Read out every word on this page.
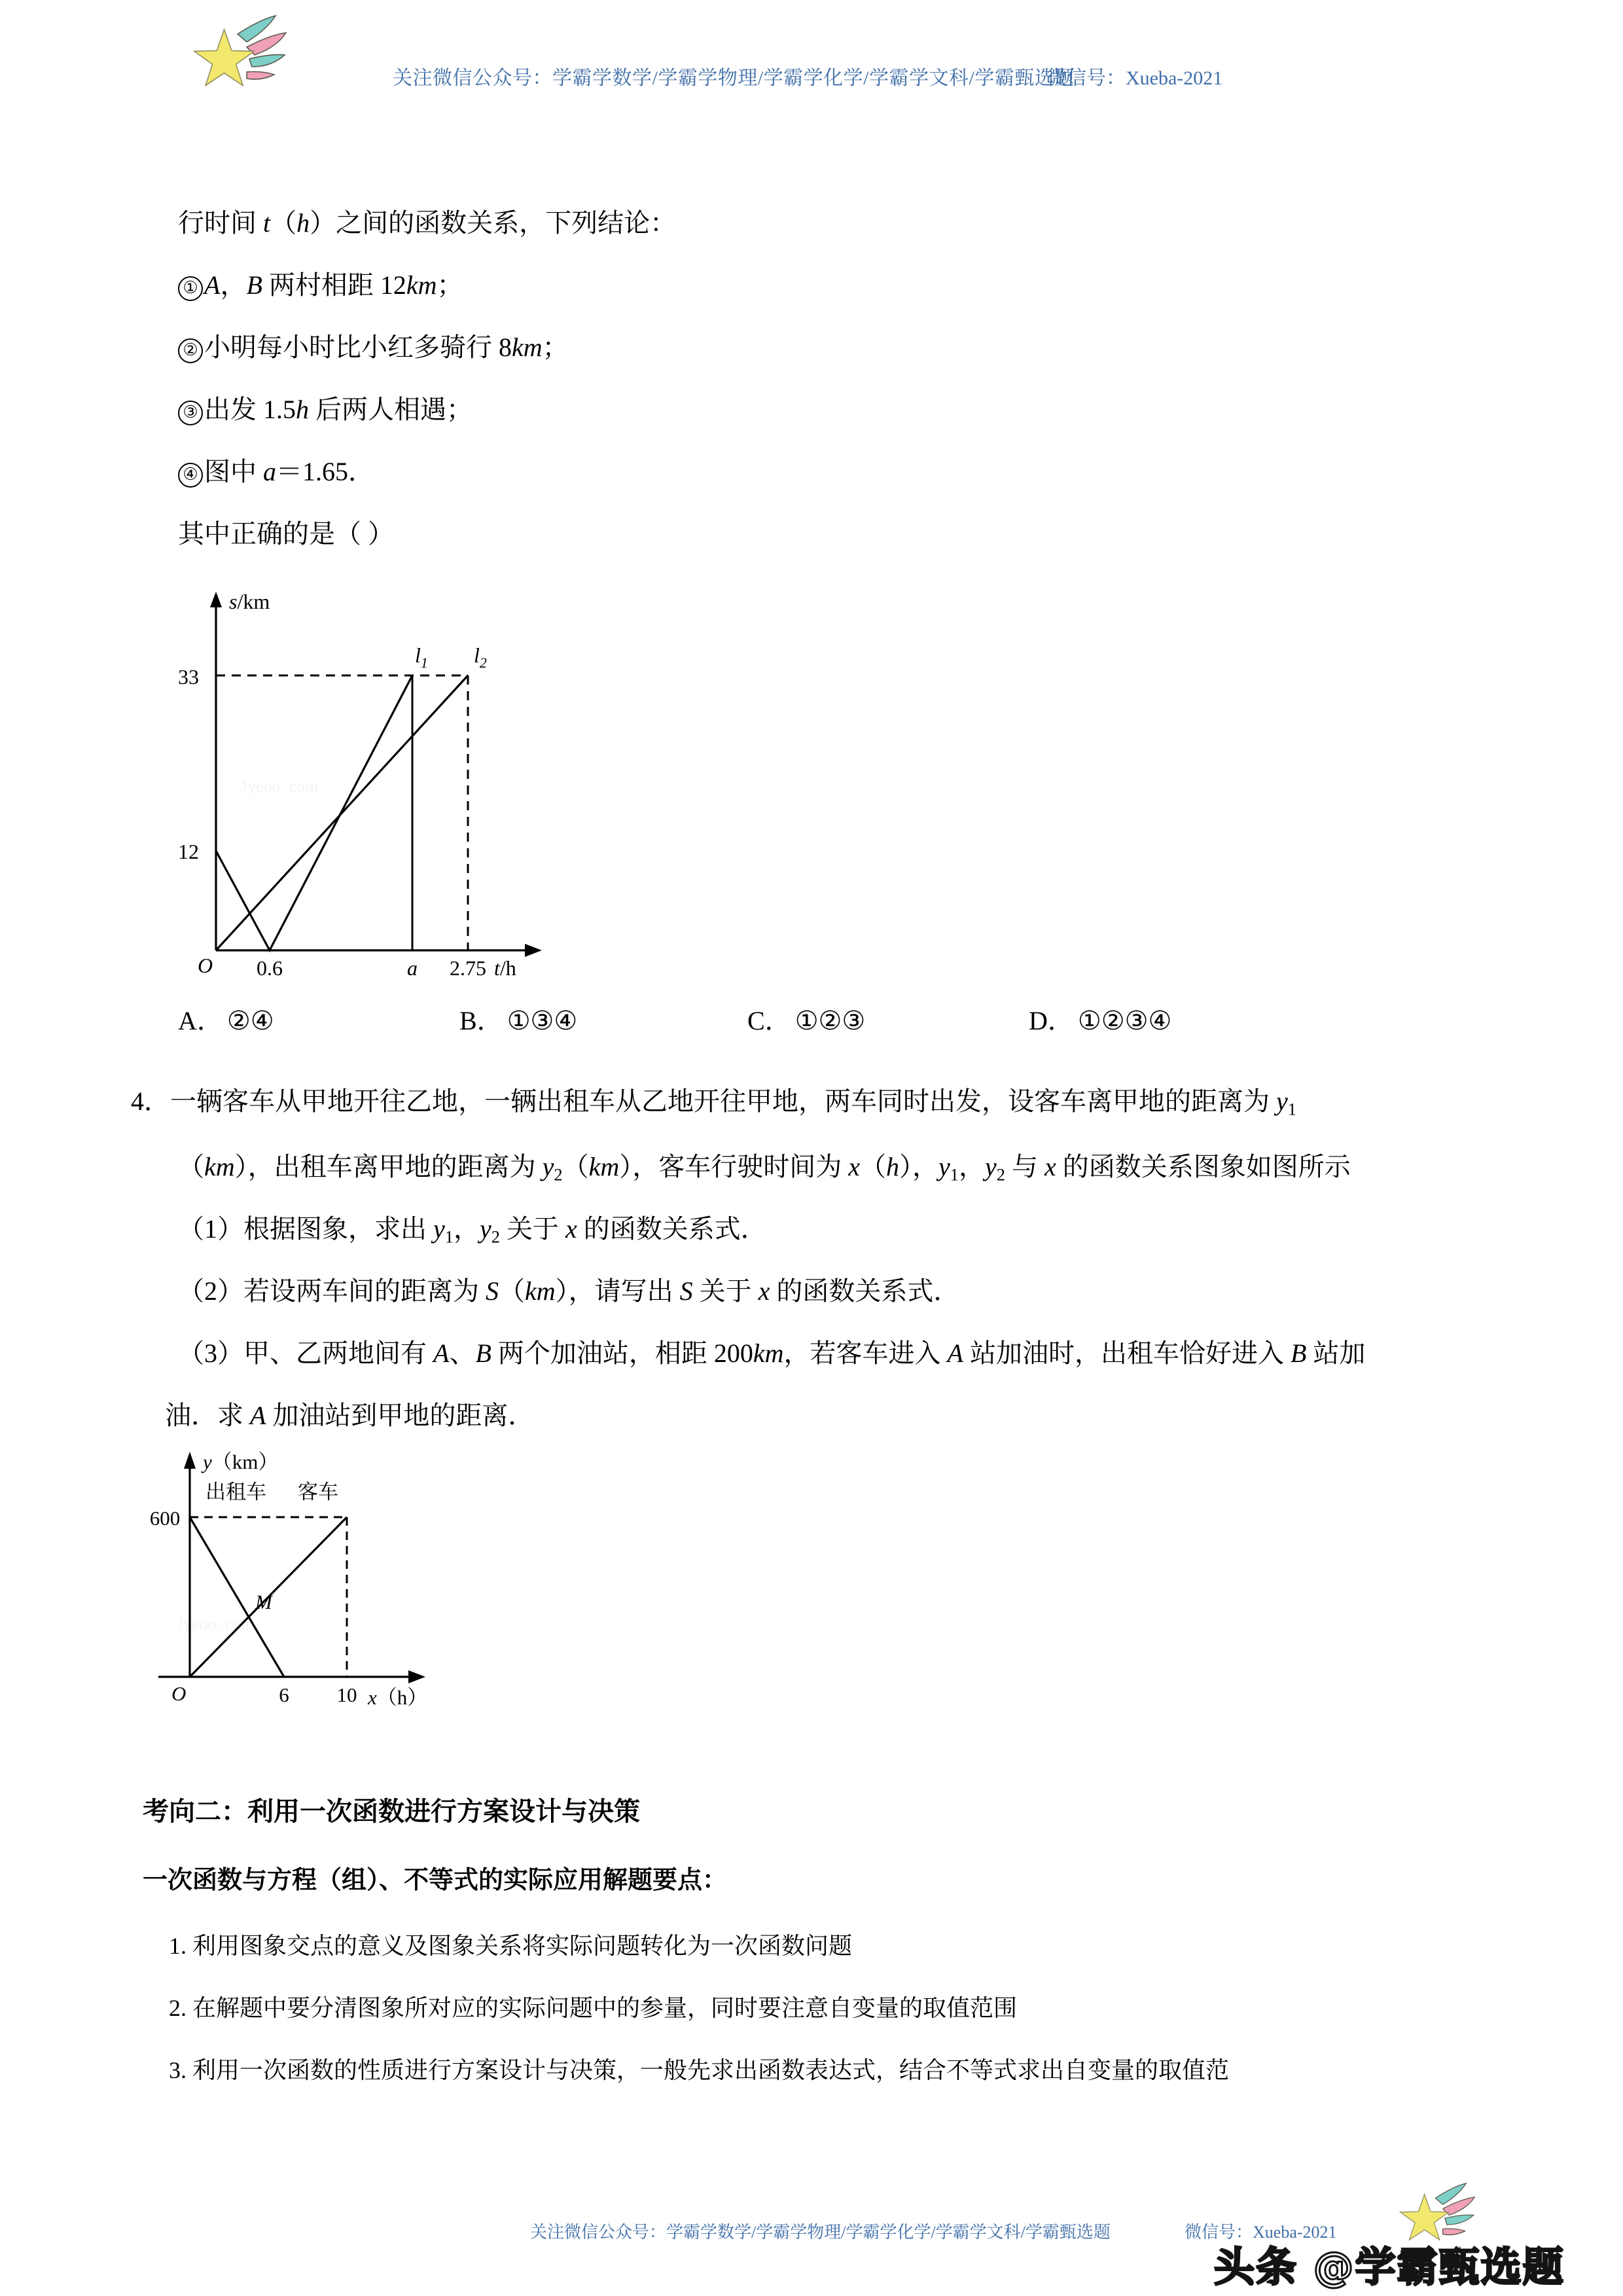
关注微信公众号：学霸学数学/学霸学物理/学霸学化学/学霸学文科/学霸甄选题
微信号：Xueba-2021
行时间 t（h）之间的函数关系，下列结论：
① A，B 两村相距 12km；
② 小明每小时比小红多骑行 8km；
③ 出发 1.5h 后两人相遇；
④ 图中 a＝1.65．
其中正确的是（ ）
Jyeoo. com
s/km
t/h
33
12
O 0.6	a 2.75
$l_1$ $l_2$
A． ②④	B． ①③④	C． ①②③	D． ①②③④
4．一辆客车从甲地开往乙地，一辆出租车从乙地开往甲地，两车同时出发，设客车离甲地的距离为 $y_1$
（km），出租车离甲地的距离为 $y_2(km)$，客车行驶时间为 x（h），$y_1$，$y_2$ 与 x 的函数关系图象如图所示
（1）根据图象，求出 $y_1$，$y_2$ 关于 x 的函数关系式．
（2）若设两车间的距离为 S（km），请写出 S 关于 x 的函数关系式．
（3）甲、乙两地间有 A、B 两个加油站，相距 200km，若客车进入 A 站加油时，出租车恰好进入 B 站加
油．求 A 加油站到甲地的距离．
Jyeoo. con
y（km）
x（h）
600
O	6 10
出租车 客车
M
考向二：利用一次函数进行方案设计与决策
一次函数与方程（组）、不等式的实际应用解题要点：
1. 利用图象交点的意义及图象关系将实际问题转化为一次函数问题
2. 在解题中要分清图象所对应的实际问题中的参量，同时要注意自变量的取值范围
3. 利用一次函数的性质进行方案设计与决策，一般先求出函数表达式，结合不等式求出自变量的取值范
关注微信公众号：学霸学数学/学霸学物理/学霸学化学/学霸学文科/学霸甄选题	微信号：Xueba-2021
头条 @学霸甄选题
